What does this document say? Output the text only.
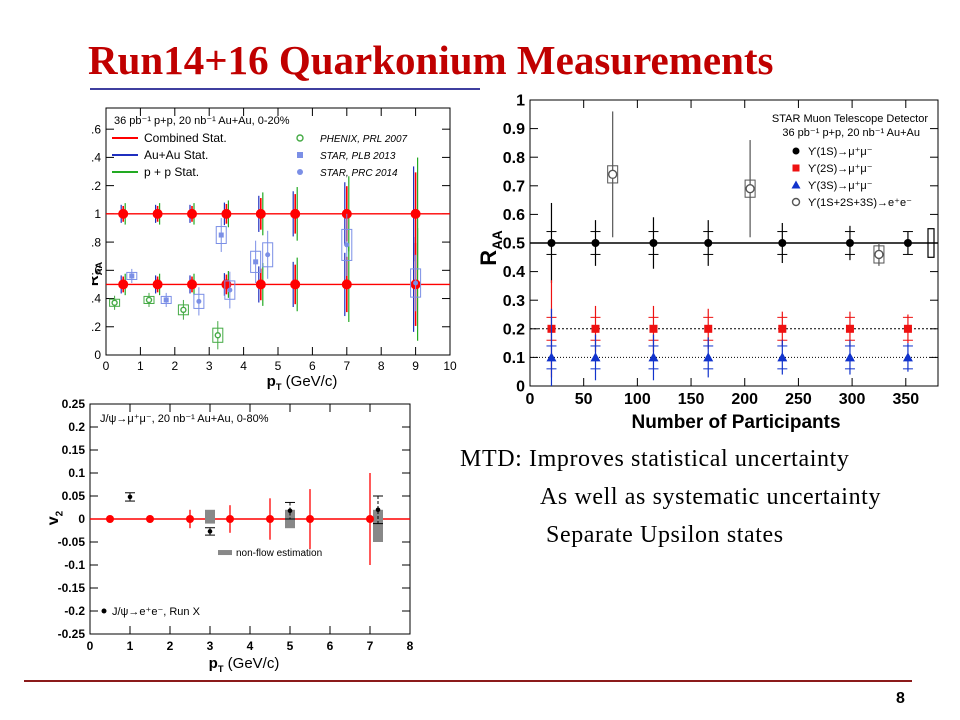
Run14+16 Quarkonium Measurements
0 1 2 3 4 5 6 7 8 9 10
0
2
4
6
8
1
2
4
6
36 pb⁻¹ p+p, 20 nb⁻¹ Au+Au, 0-20%
$_{AA}$
$p_T$ (GeV/c)
Combined Stat.
Au+Au Stat.
p + p Stat.
PHENIX, PRL 2007
STAR, PLB 2013
STAR, PRC 2014
0	50 100 150 200 250 300 350
0
0.1
0.2
0.3
0.4
0.5
0.6
0.7
0.8
0.9
1
STAR Muon Telescope Detector
36 pb⁻¹ p+p, 20 nb⁻¹ Au+Au
$_{AA}$
Number of Participants
ϒ(1S)→μ⁺μ⁻
ϒ(2S)→μ⁺μ⁻
ϒ(3S)→μ⁺μ⁻
ϒ(1S+2S+3S)→e⁺e⁻
0	1	2	3	4	5	6	7	8
-0.25
-0.2
-0.15
-0.1
-0.05
0
0.05
0.1
0.15
0.2
0.25
J/ψ→μ⁺μ⁻, 20 nb⁻¹ Au+Au, 0-80%
$v_2$
$p_T$ (GeV/c)
non-flow estimation
J/ψ→e⁺e⁻, Run X
MTD: Improves statistical uncertainty
As well as systematic uncertainty
Separate Upsilon states
8
